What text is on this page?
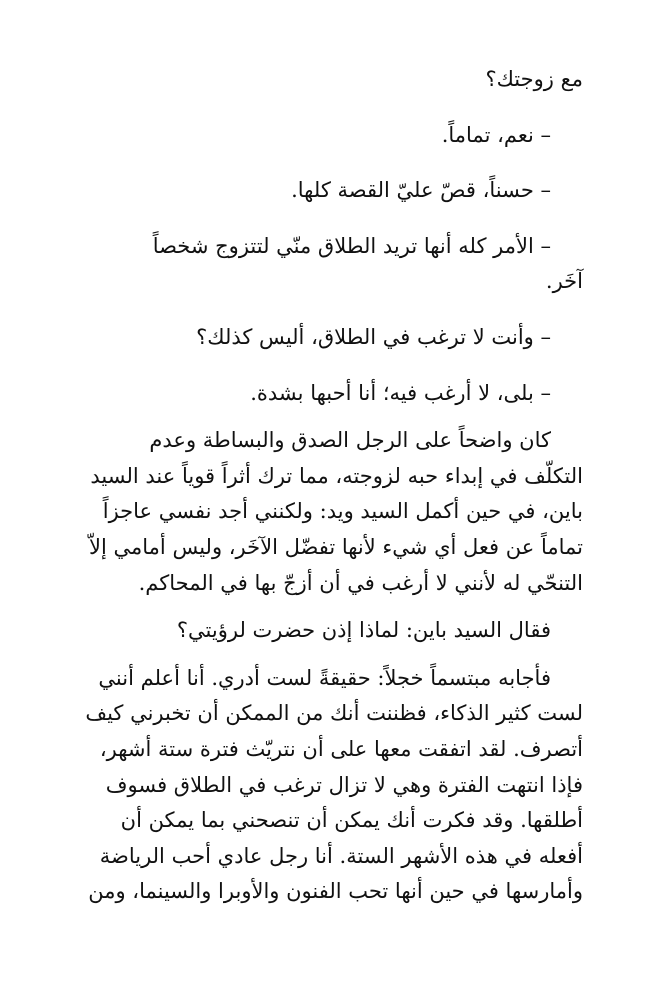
مع زوجتك؟
– نعم، تماماً.
– حسناً، قصّ عليّ القصة كلها.
– الأمر كله أنها تريد الطلاق منّي لتتزوج شخصاً
آخَر.
– وأنت لا ترغب في الطلاق، أليس كذلك؟
– بلى، لا أرغب فيه؛ أنا أحبها بشدة.
كان واضحاً على الرجل الصدق والبساطة وعدم
التكلّف في إبداء حبه لزوجته، مما ترك أثراً قوياً عند السيد
باين، في حين أكمل السيد ويد: ولكنني أجد نفسي عاجزاً
تماماً عن فعل أي شيء لأنها تفضّل الآخَر، وليس أمامي إلاّ
التنحّي له لأنني لا أرغب في أن أزجّ بها في المحاكم.
فقال السيد باين: لماذا إذن حضرت لرؤيتي؟
فأجابه مبتسماً خجلاً: حقيقةً لست أدري. أنا أعلم أنني
لست كثير الذكاء، فظننت أنك من الممكن أن تخبرني كيف
أتصرف. لقد اتفقت معها على أن نتريّث فترة ستة أشهر،
فإذا انتهت الفترة وهي لا تزال ترغب في الطلاق فسوف
أطلقها. وقد فكرت أنك يمكن أن تنصحني بما يمكن أن
أفعله في هذه الأشهر الستة. أنا رجل عادي أحب الرياضة
وأمارسها في حين أنها تحب الفنون والأوبرا والسينما، ومن
